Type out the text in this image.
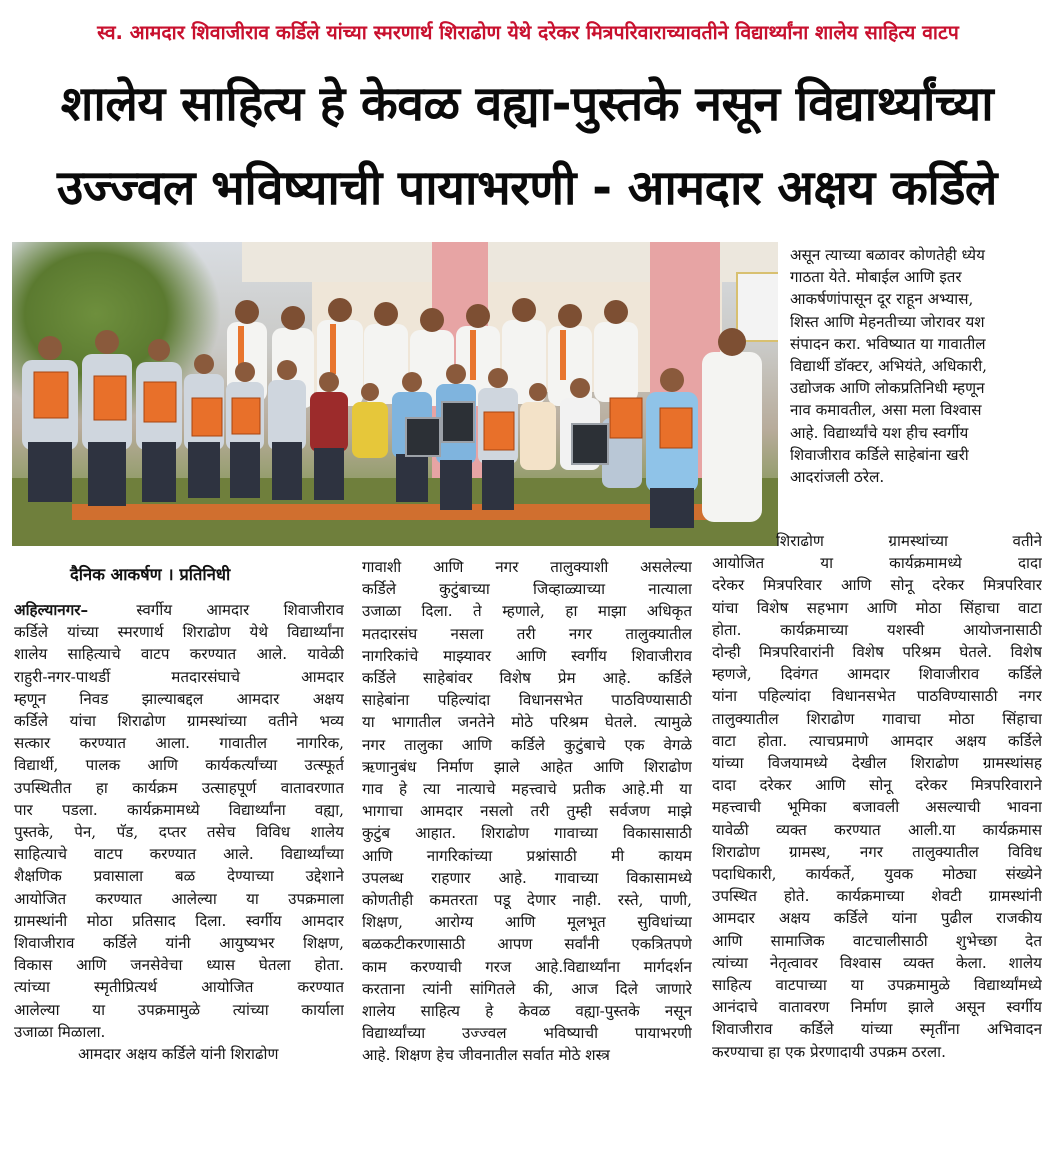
स्व. आमदार शिवाजीराव कर्डिले यांच्या स्मरणार्थ शिराढोण येथे दरेकर मित्रपरिवाराच्यावतीने विद्यार्थ्यांना शालेय साहित्य वाटप
शालेय साहित्य हे केवळ वह्या-पुस्तके नसून विद्यार्थ्यांच्या
उज्ज्वल भविष्याची पायाभरणी - आमदार अक्षय कर्डिले
असून त्याच्या बळावर कोणतेही ध्येय
गाठता येते. मोबाईल आणि इतर
आकर्षणांपासून दूर राहून अभ्यास,
शिस्त आणि मेहनतीच्या जोरावर यश
संपादन करा. भविष्यात या गावातील
विद्यार्थी डॉक्टर, अभियंते, अधिकारी,
उद्योजक आणि लोकप्रतिनिधी म्हणून
नाव कमावतील, असा मला विश्वास
आहे. विद्यार्थ्यांचे यश हीच स्वर्गीय
शिवाजीराव कर्डिले साहेबांना खरी
आदरांजली ठरेल.
दैनिक आकर्षण । प्रतिनिधी
अहिल्यानगर–	स्वर्गीय आमदार शिवाजीराव
कर्डिले यांच्या स्मरणार्थ शिराढोण येथे विद्यार्थ्यांना
शालेय साहित्याचे वाटप करण्यात आले. यावेळी
राहुरी-नगर-पाथर्डी मतदारसंघाचे आमदार
म्हणून निवड झाल्याबद्दल आमदार अक्षय
कर्डिले यांचा शिराढोण ग्रामस्थांच्या वतीने भव्य
सत्कार करण्यात आला. गावातील नागरिक,
विद्यार्थी, पालक आणि कार्यकर्त्यांच्या उत्स्फूर्त
उपस्थितीत हा कार्यक्रम उत्साहपूर्ण वातावरणात
पार पडला. कार्यक्रमामध्ये विद्यार्थ्यांना वह्या,
पुस्तके, पेन, पॅड, दप्तर तसेच विविध शालेय
साहित्याचे वाटप करण्यात आले. विद्यार्थ्यांच्या
शैक्षणिक प्रवासाला बळ देण्याच्या उद्देशाने
आयोजित करण्यात आलेल्या या उपक्रमाला
ग्रामस्थांनी मोठा प्रतिसाद दिला. स्वर्गीय आमदार
शिवाजीराव कर्डिले यांनी आयुष्यभर शिक्षण,
विकास आणि जनसेवेचा ध्यास घेतला होता.
त्यांच्या स्मृतीप्रित्यर्थ आयोजित करण्यात
आलेल्या या उपक्रमामुळे त्यांच्या कार्याला
उजाळा मिळाला.
आमदार अक्षय कर्डिले यांनी शिराढोण
गावाशी आणि नगर तालुक्याशी असलेल्या
कर्डिले कुटुंबाच्या जिव्हाळ्याच्या नात्याला
उजाळा दिला. ते म्हणाले, हा माझा अधिकृत
मतदारसंघ नसला तरी नगर तालुक्यातील
नागरिकांचे माझ्यावर आणि स्वर्गीय शिवाजीराव
कर्डिले साहेबांवर विशेष प्रेम आहे. कर्डिले
साहेबांना पहिल्यांदा विधानसभेत पाठविण्यासाठी
या भागातील जनतेने मोठे परिश्रम घेतले. त्यामुळे
नगर तालुका आणि कर्डिले कुटुंबाचे एक वेगळे
ऋणानुबंध निर्माण झाले आहेत आणि शिराढोण
गाव हे त्या नात्याचे महत्त्वाचे प्रतीक आहे.मी या
भागाचा आमदार नसलो तरी तुम्ही सर्वजण माझे
कुटुंब आहात. शिराढोण गावाच्या विकासासाठी
आणि नागरिकांच्या प्रश्नांसाठी मी कायम
उपलब्ध राहणार आहे. गावाच्या विकासामध्ये
कोणतीही कमतरता पडू देणार नाही. रस्ते, पाणी,
शिक्षण, आरोग्य आणि मूलभूत सुविधांच्या
बळकटीकरणासाठी आपण सर्वांनी एकत्रितपणे
काम करण्याची गरज आहे.विद्यार्थ्यांना मार्गदर्शन
करताना त्यांनी सांगितले की, आज दिले जाणारे
शालेय साहित्य हे केवळ वह्या-पुस्तके नसून
विद्यार्थ्यांच्या उज्ज्वल भविष्याची पायाभरणी
आहे. शिक्षण हेच जीवनातील सर्वात मोठे शस्त्र
शिराढोण ग्रामस्थांच्या वतीने
आयोजित या कार्यक्रमामध्ये दादा
दरेकर मित्रपरिवार आणि सोनू दरेकर मित्रपरिवार
यांचा विशेष सहभाग आणि मोठा सिंहाचा वाटा
होता. कार्यक्रमाच्या यशस्वी आयोजनासाठी
दोन्ही मित्रपरिवारांनी विशेष परिश्रम घेतले. विशेष
म्हणजे, दिवंगत आमदार शिवाजीराव कर्डिले
यांना पहिल्यांदा विधानसभेत पाठविण्यासाठी नगर
तालुक्यातील शिराढोण गावाचा मोठा सिंहाचा
वाटा होता. त्याचप्रमाणे आमदार अक्षय कर्डिले
यांच्या विजयामध्ये देखील शिराढोण ग्रामस्थांसह
दादा दरेकर आणि सोनू दरेकर मित्रपरिवाराने
महत्त्वाची भूमिका बजावली असल्याची भावना
यावेळी व्यक्त करण्यात आली.या कार्यक्रमास
शिराढोण ग्रामस्थ, नगर तालुक्यातील विविध
पदाधिकारी, कार्यकर्ते, युवक मोठ्या संख्येने
उपस्थित होते. कार्यक्रमाच्या शेवटी ग्रामस्थांनी
आमदार अक्षय कर्डिले यांना पुढील राजकीय
आणि सामाजिक वाटचालीसाठी शुभेच्छा देत
त्यांच्या नेतृत्वावर विश्वास व्यक्त केला. शालेय
साहित्य वाटपाच्या या उपक्रमामुळे विद्यार्थ्यांमध्ये
आनंदाचे वातावरण निर्माण झाले असून स्वर्गीय
शिवाजीराव कर्डिले यांच्या स्मृतींना अभिवादन
करण्याचा हा एक प्रेरणादायी उपक्रम ठरला.
